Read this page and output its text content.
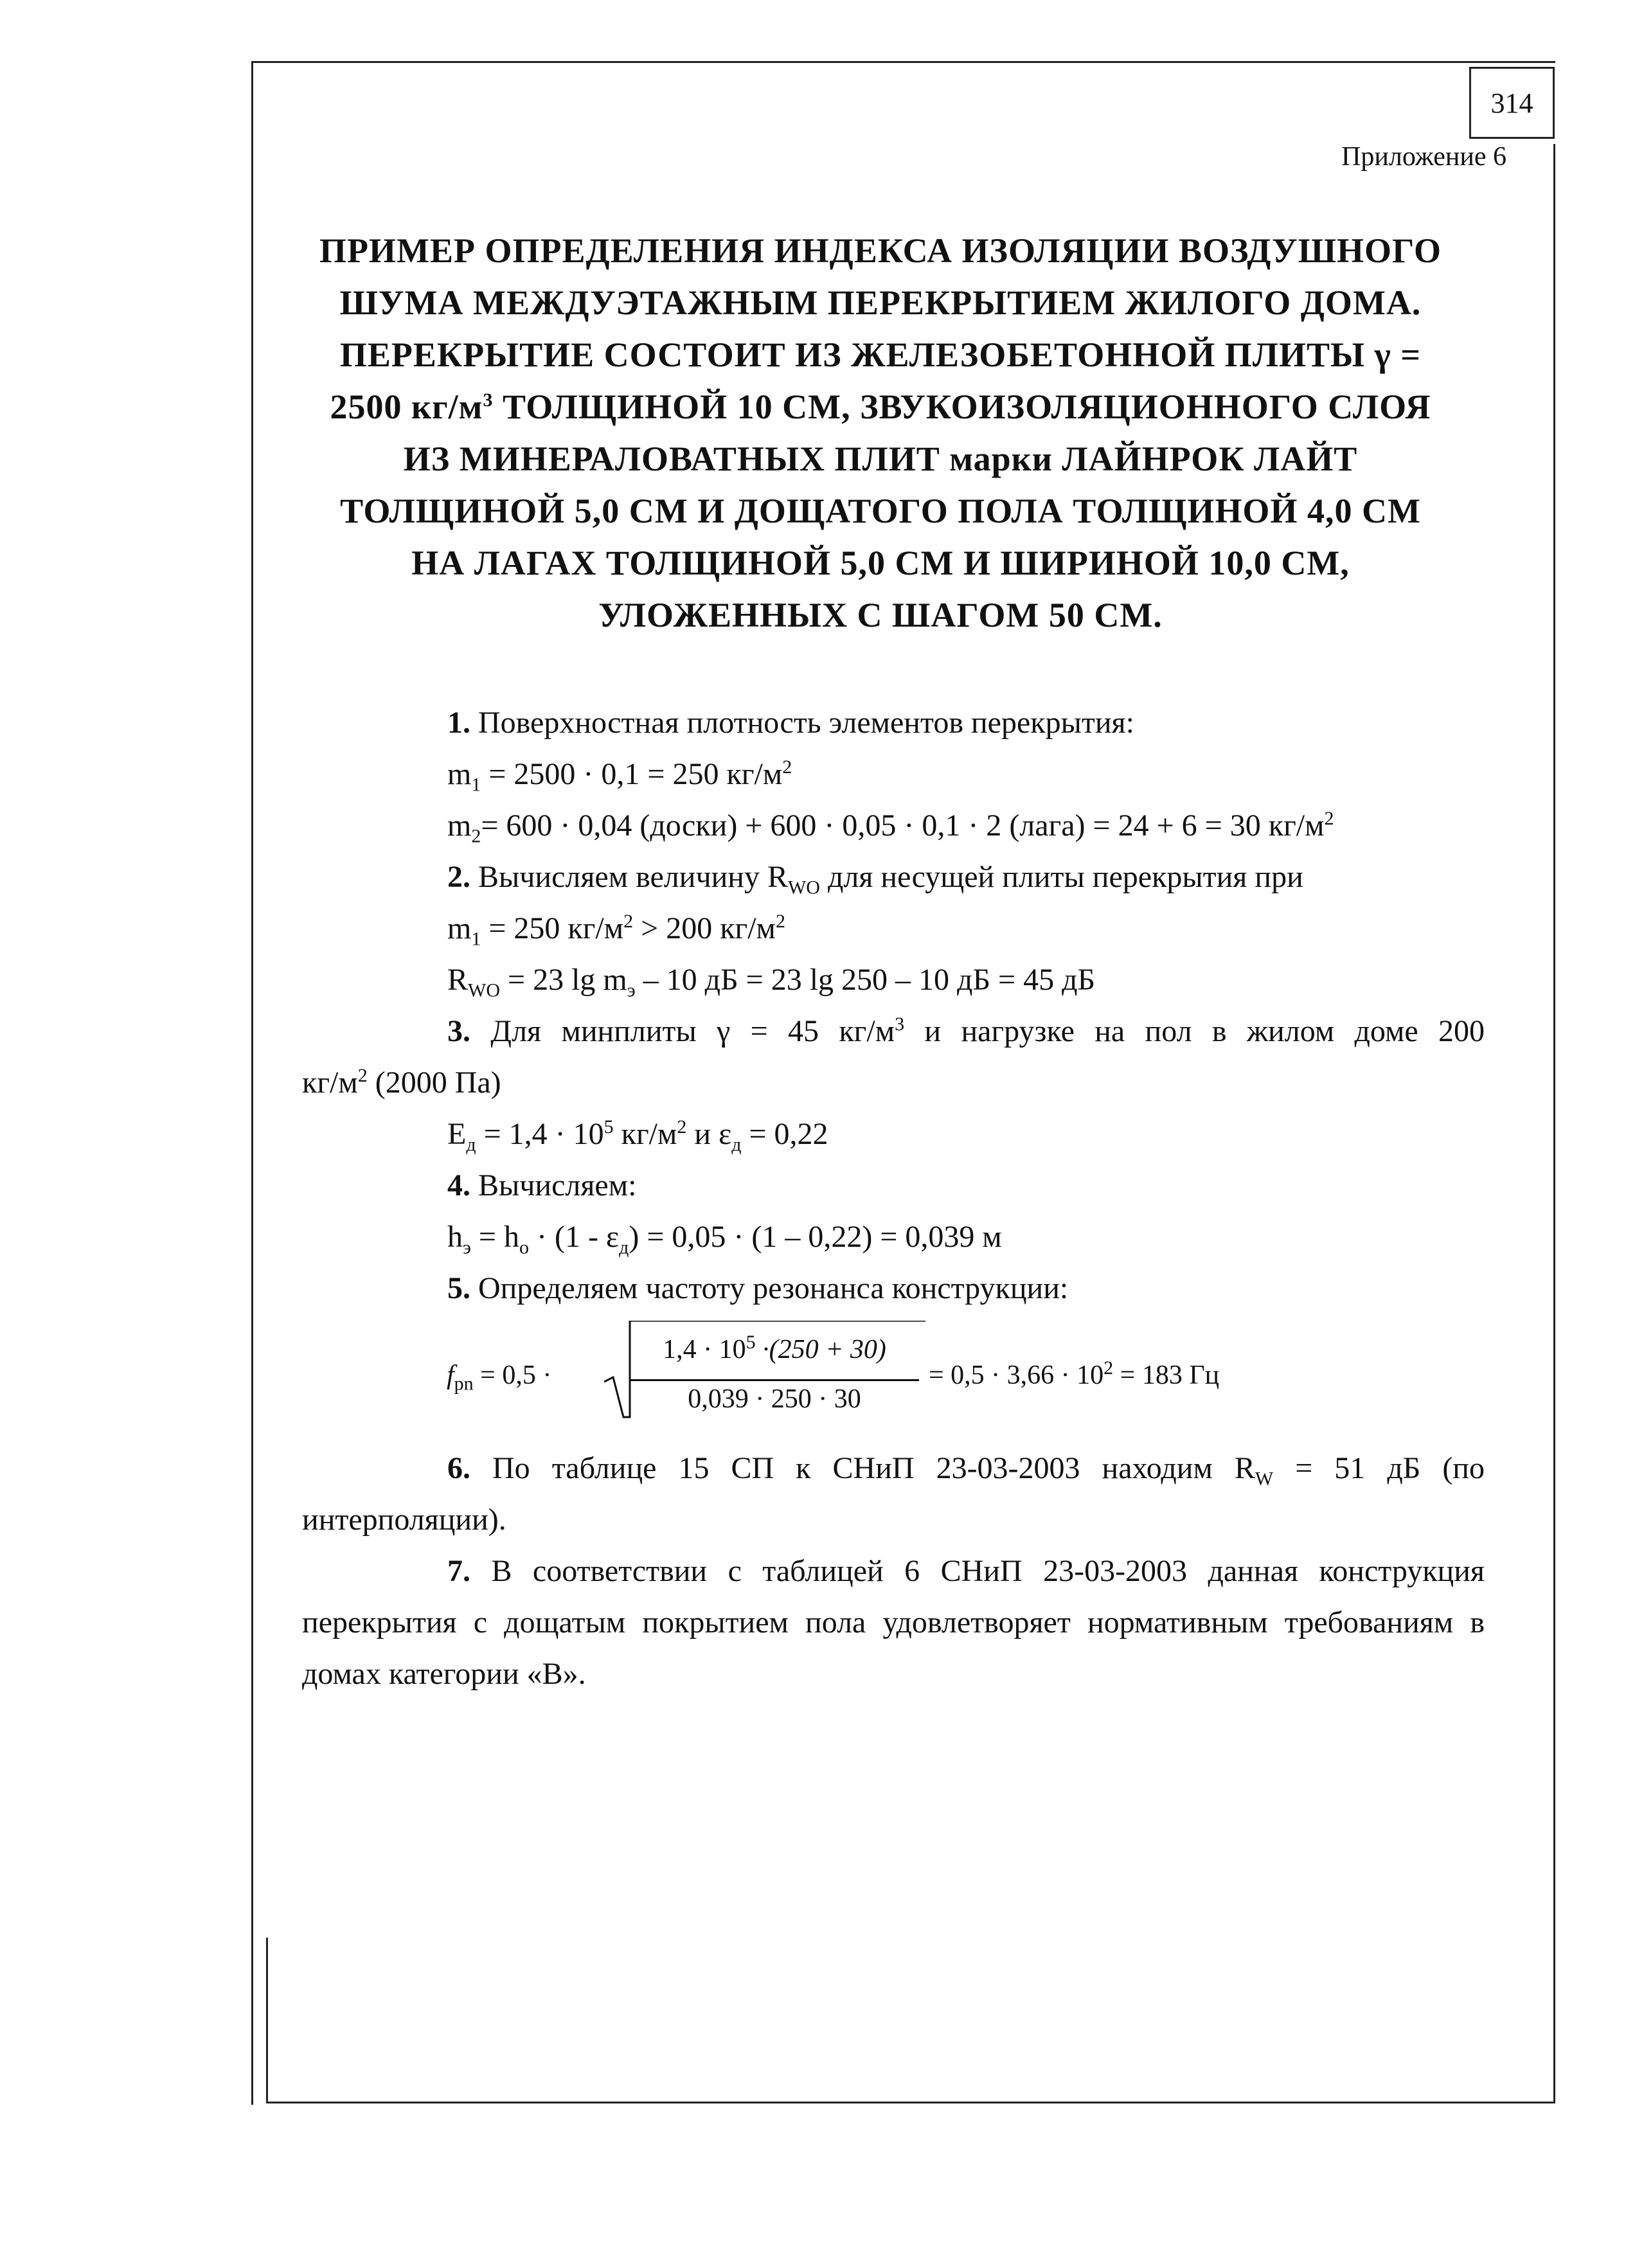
314
Приложение 6
ПРИМЕР ОПРЕДЕЛЕНИЯ ИНДЕКСА ИЗОЛЯЦИИ ВОЗДУШНОГО
ШУМА МЕЖДУЭТАЖНЫМ ПЕРЕКРЫТИЕМ ЖИЛОГО ДОМА.
ПЕРЕКРЫТИЕ СОСТОИТ ИЗ ЖЕЛЕЗОБЕТОННОЙ ПЛИТЫ γ =
2500 $кг/м^3$ ТОЛЩИНОЙ 10 СМ, ЗВУКОИЗОЛЯЦИОННОГО СЛОЯ
ИЗ МИНЕРАЛОВАТНЫХ ПЛИТ марки ЛАЙНРОК ЛАЙТ
ТОЛЩИНОЙ 5,0 СМ И ДОЩАТОГО ПОЛА ТОЛЩИНОЙ 4,0 СМ
НА ЛАГАХ ТОЛЩИНОЙ 5,0 СМ И ШИРИНОЙ 10,0 СМ,
УЛОЖЕННЫХ С ШАГОМ 50 СМ.

1. Поверхностная плотность элементов перекрытия:

$m_1 = 2500 \cdot 0,1 = 250$ $кг/м^2$

$m_2= 600 \cdot 0,04$ (доски) + 600 · 0,05 · 0,1 · 2 (лага) = 24 + 6 = 30 $кг/м^2$

2. Вычисляем величину $R_{WO}$ для несущей плиты перекрытия при

$m_1 = 250$ $кг/м^2 > 200$ $кг/м^2$

$R_{WO} = 23$ $\lg m_э - 10$ дБ = 23 lg 250 – 10 дБ = 45 дБ

3. Для минплиты γ = 45 $кг/м^3$ и нагрузке на пол в жилом доме 200

$кг/м^2$ (2000 Па)

$E_д = 1,4 \cdot 10^5$ $кг/м^2$ и $\varepsilon_д = 0,22$

4. Вычисляем:

$h_э = h_o \cdot (1 - \varepsilon_д) = 0,05 \cdot (1 - 0,22) = 0,039$ м

5. Определяем частоту резонанса конструкции:

$f_{pn} = 0,5$ ·
$1,4 \cdot 10^5 \cdot(250 + 30)$
0,039 · 250 · 30
= $0,5 \cdot 3,66 \cdot 10^2 = 183$ Гц

6. По таблице 15 СП к СНиП 23-03-2003 находим $R_W = 51$ дБ (по интерполяции).

7. В соответствии с таблицей 6 СНиП 23-03-2003 данная конструкция перекрытия с дощатым покрытием пола удовлетворяет нормативным требованиям в домах категории «В».
